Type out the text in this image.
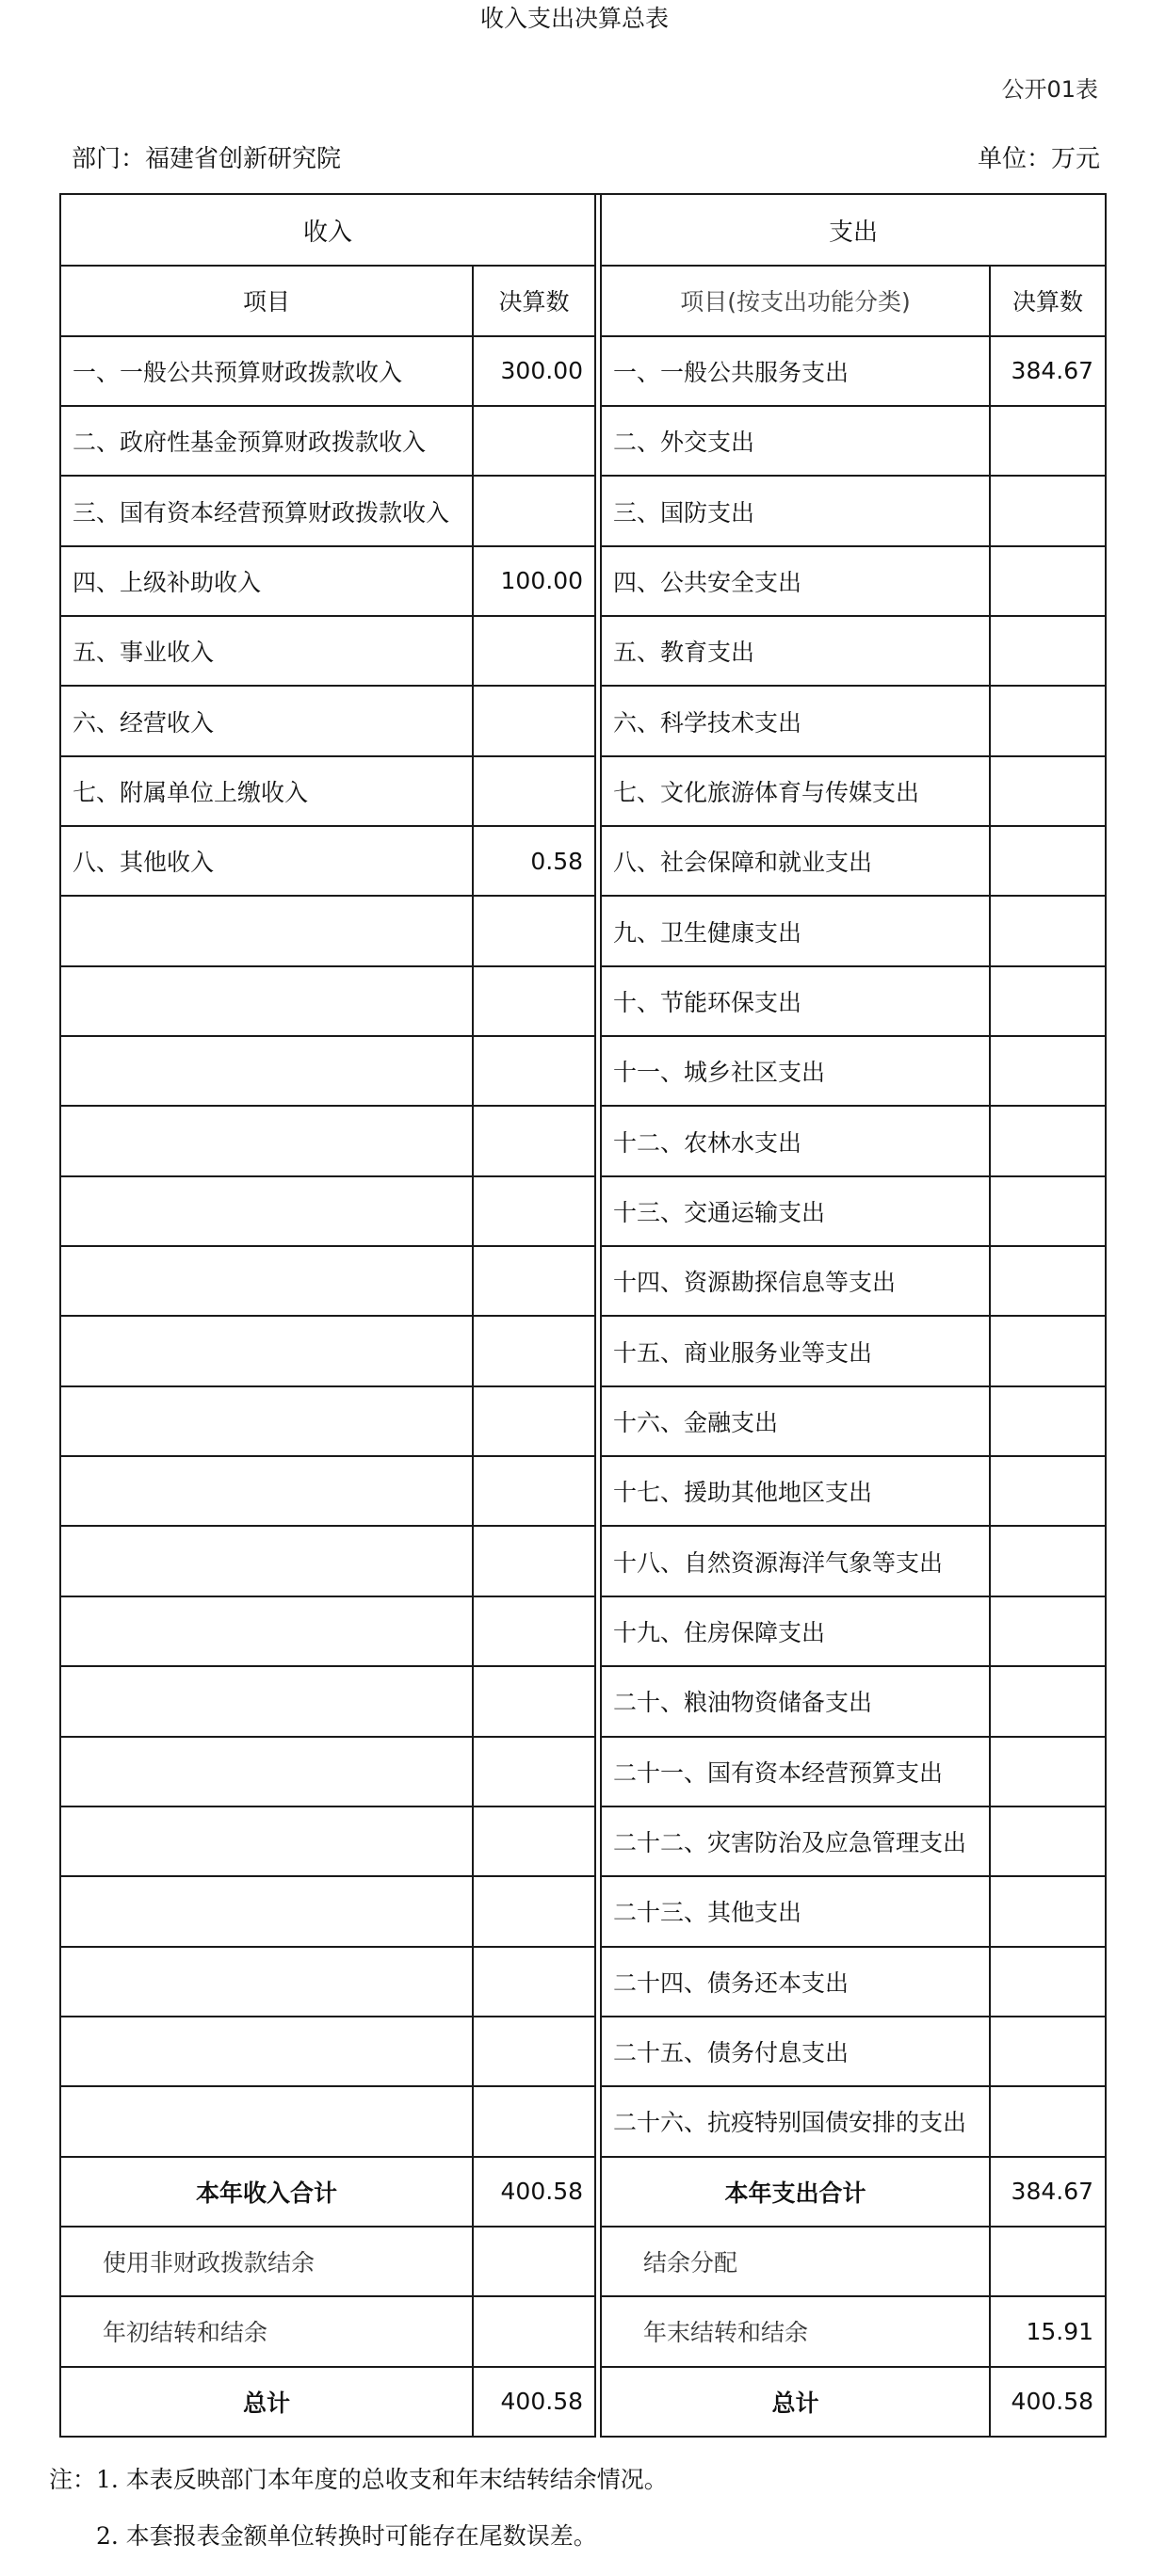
收入支出决算总表
公开01表
部门：福建省创新研究院	单位：万元
收入			支出	
项目	决算数		项目(按支出功能分类)	决算数
一、一般公共预算财政拨款收入	300.00		一、一般公共服务支出	384.67
二、政府性基金预算财政拨款收入			二、外交支出	
三、国有资本经营预算财政拨款收入			三、国防支出	
四、上级补助收入	100.00		四、公共安全支出	
五、事业收入			五、教育支出	
六、经营收入			六、科学技术支出	
七、附属单位上缴收入			七、文化旅游体育与传媒支出	
八、其他收入	0.58		八、社会保障和就业支出	
			九、卫生健康支出	
			十、节能环保支出	
			十一、城乡社区支出	
			十二、农林水支出	
			十三、交通运输支出	
			十四、资源勘探信息等支出	
			十五、商业服务业等支出	
			十六、金融支出	
			十七、援助其他地区支出	
			十八、自然资源海洋气象等支出	
			十九、住房保障支出	
			二十、粮油物资储备支出	
			二十一、国有资本经营预算支出	
			二十二、灾害防治及应急管理支出	
			二十三、其他支出	
			二十四、债务还本支出	
			二十五、债务付息支出	
			二十六、抗疫特别国债安排的支出	
本年收入合计	400.58		本年支出合计	384.67
使用非财政拨款结余			结余分配	
年初结转和结余			年末结转和结余	15.91
总计	400.58		总计	400.58
注：1. 本表反映部门本年度的总收支和年末结转结余情况。
2. 本套报表金额单位转换时可能存在尾数误差。
